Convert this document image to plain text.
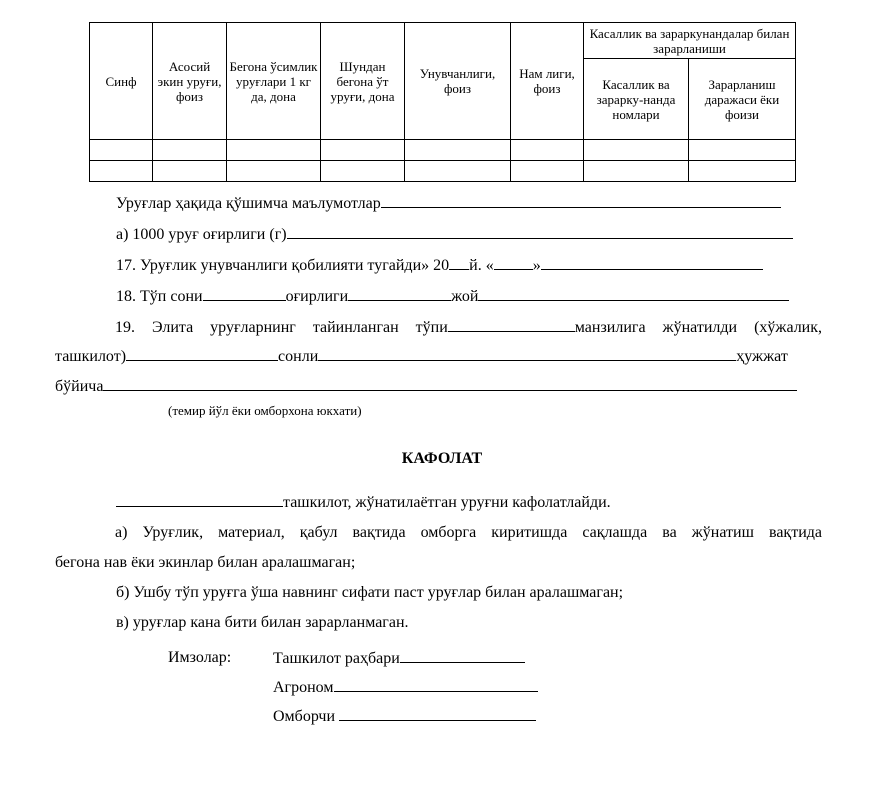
Синф	Асосий экин уруғи, фоиз	Бегона ўсимлик уруғлари 1 кг да, дона	Шундан бегона ўт уруғи, дона	Унувчанлиги, фоиз	Нам лиги, фоиз	Касаллик ва зараркунандалар билан зарарланиши	
						Касаллик ва зарарку-нанда номлари	Зарарланиш даражаси ёки фоизи

Уруғлар ҳақида қўшимча маълумотлар
а) 1000 уруғ оғирлиги (г)
17. Уруғлик унувчанлиги қобилияти тугайди» 20 й. « »
18. Тўп сони	оғирлиги	жой
19. Элита уруғларнинг тайинланган тўпи	манзилига жўнатилди (хўжалик,
ташкилот)	сонли	ҳужжат
бўйича
(темир йўл ёки омборхона юкхати)
КАФОЛАТ
ташкилот, жўнатилаётган уруғни кафолатлайди.
а) Уруғлик, материал, қабул вақтида омборга киритишда сақлашда ва жўнатиш вақтида
бегона нав ёки экинлар билан аралашмаган;
б) Ушбу тўп уруғга ўша навнинг сифати паст уруғлар билан аралашмаган;
в) уруғлар кана бити билан зарарланмаган.
Имзолар:	Ташкилот раҳбари
Агроном
Омборчи
